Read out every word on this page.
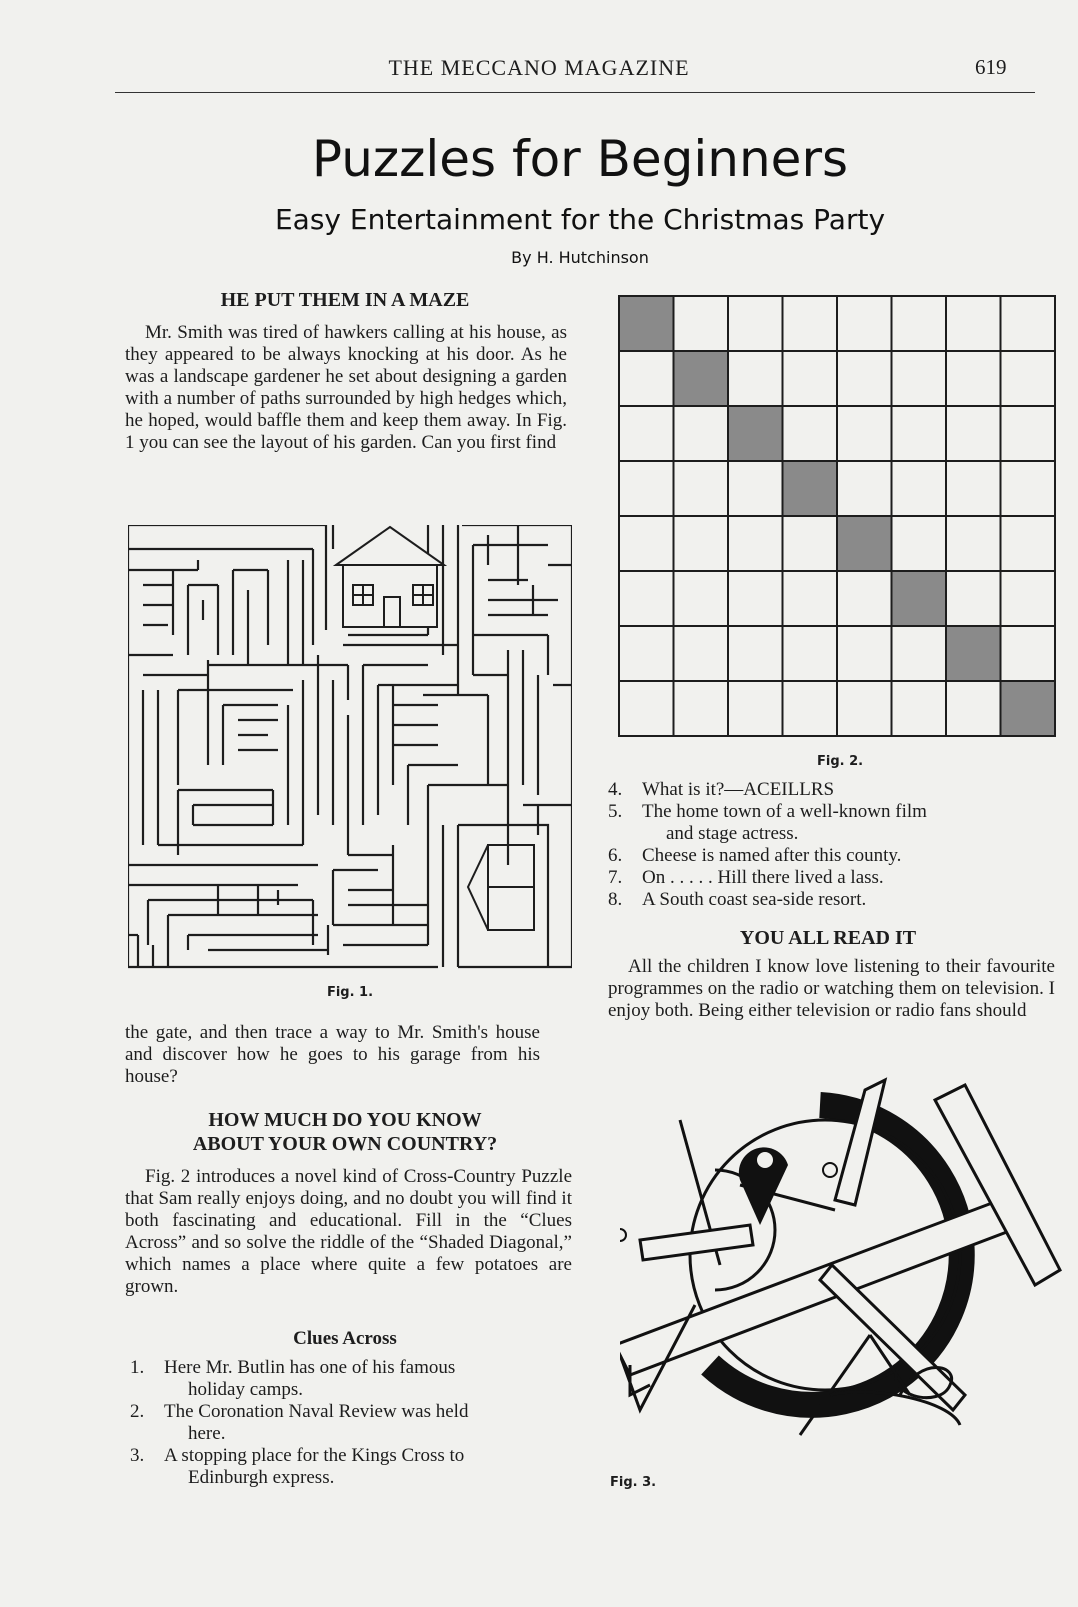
THE MECCANO MAGAZINE	619
Puzzles for Beginners
Easy Entertainment for the Christmas Party
By H. Hutchinson
HE PUT THEM IN A MAZE
Mr. Smith was tired of hawkers calling at his house, as they appeared to be always knocking at his door. As he was a landscape gardener he set about designing a garden with a number of paths surrounded by high hedges which, he hoped, would baffle them and keep them away. In Fig. 1 you can see the layout of his garden. Can you first find
Fig. 1.
the gate, and then trace a way to Mr. Smith's house and discover how he goes to his garage from his house?
HOW MUCH DO YOU KNOW
ABOUT YOUR OWN COUNTRY?
Fig. 2 introduces a novel kind of Cross-Country Puzzle that Sam really enjoys doing, and no doubt you will find it both fascinating and educational. Fill in the “Clues Across” and so solve the riddle of the “Shaded Diagonal,” which names a place where quite a few potatoes are grown.
Clues Across
1.	Here Mr. Butlin has one of his famous
holiday camps.
2.	The Coronation Naval Review was held
here.
3.	A stopping place for the Kings Cross to
Edinburgh express.
Fig. 2.
4.	What is it?—ACEILLRS
5.	The home town of a well-known film
and stage actress.
6.	Cheese is named after this county.
7.	On . . . . . Hill there lived a lass.
8.	A South coast sea-side resort.
YOU ALL READ IT
All the children I know love listening to their favourite programmes on the radio or watching them on television. I enjoy both. Being either television or radio fans should
Fig. 3.
